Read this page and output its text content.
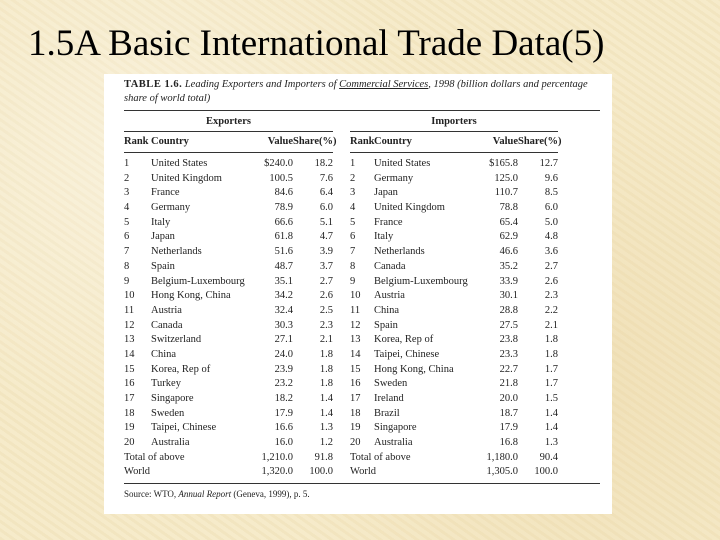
1.5A Basic International Trade Data(5)
TABLE 1.6. Leading Exporters and Importers of Commercial Services, 1998 (billion dollars and percentage share of world total)
Exporters	Importers
Rank Country	Value Share(%) Rank Country	Value Share(%)
1	United States	$240.0	18.2 1	United States	$165.8	12.7
2	United Kingdom	100.5	7.6 2	Germany	125.0	9.6
3	France	84.6	6.4 3	Japan	110.7	8.5
4	Germany	78.9	6.0 4	United Kingdom	78.8	6.0
5	Italy	66.6	5.1 5	France	65.4	5.0
6	Japan	61.8	4.7 6	Italy	62.9	4.8
7	Netherlands	51.6	3.9 7	Netherlands	46.6	3.6
8	Spain	48.7	3.7 8	Canada	35.2	2.7
9	Belgium-Luxembourg	35.1	2.7 9	Belgium-Luxembourg	33.9	2.6
10	Hong Kong, China	34.2	2.6 10	Austria	30.1	2.3
11	Austria	32.4	2.5 11	China	28.8	2.2
12	Canada	30.3	2.3 12	Spain	27.5	2.1
13	Switzerland	27.1	2.1 13	Korea, Rep of	23.8	1.8
14	China	24.0	1.8 14	Taipei, Chinese	23.3	1.8
15	Korea, Rep of	23.9	1.8 15	Hong Kong, China	22.7	1.7
16	Turkey	23.2	1.8 16	Sweden	21.8	1.7
17	Singapore	18.2	1.4 17	Ireland	20.0	1.5
18	Sweden	17.9	1.4 18	Brazil	18.7	1.4
19	Taipei, Chinese	16.6	1.3 19	Singapore	17.9	1.4
20	Australia	16.0	1.2 20	Australia	16.8	1.3
Total of above	1,210.0	91.8 Total of above	1,180.0	90.4
World	1,320.0	100.0 World	1,305.0	100.0
Source: WTO, Annual Report (Geneva, 1999), p. 5.
